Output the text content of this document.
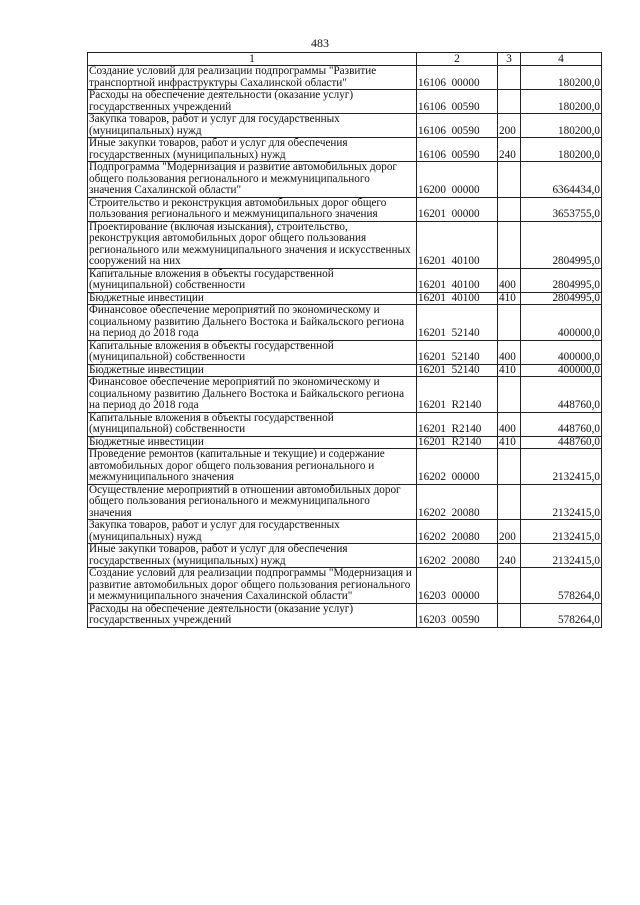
483
1	2	3	4
Создание условий для реализации подпрограммы "Развитие транспортной инфраструктуры Сахалинской области"	16106  00000		180200,0
Расходы на обеспечение деятельности (оказание услуг) государственных учреждений	16106  00590		180200,0
Закупка товаров, работ и услуг для государственных (муниципальных) нужд	16106  00590	200	180200,0
Иные закупки товаров, работ и услуг для обеспечения государственных (муниципальных) нужд	16106  00590	240	180200,0
Подпрограмма "Модернизация и развитие автомобильных дорог общего пользования регионального и межмуниципального значения Сахалинской области"	16200  00000		6364434,0
Строительство и реконструкция автомобильных дорог общего пользования регионального и межмуниципального значения	16201  00000		3653755,0
Проектирование (включая изыскания), строительство, реконструкция автомобильных дорог общего пользования регионального или межмуниципального значения и искусственных сооружений на них	16201  40100		2804995,0
Капитальные вложения в объекты государственной (муниципальной) собственности	16201  40100	400	2804995,0
Бюджетные инвестиции	16201  40100	410	2804995,0
Финансовое обеспечение мероприятий по экономическому и социальному развитию Дальнего Востока и Байкальского региона на период до 2018 года	16201  52140		400000,0
Капитальные вложения в объекты государственной (муниципальной) собственности	16201  52140	400	400000,0
Бюджетные инвестиции	16201  52140	410	400000,0
Финансовое обеспечение мероприятий по экономическому и социальному развитию Дальнего Востока и Байкальского региона на период до 2018 года	16201  R2140		448760,0
Капитальные вложения в объекты государственной (муниципальной) собственности	16201  R2140	400	448760,0
Бюджетные инвестиции	16201  R2140	410	448760,0
Проведение ремонтов (капитальные и текущие) и содержание автомобильных дорог общего пользования регионального и межмуниципального значения	16202  00000		2132415,0
Осуществление мероприятий в отношении автомобильных дорог общего пользования регионального и межмуниципального значения	16202  20080		2132415,0
Закупка товаров, работ и услуг для государственных (муниципальных) нужд	16202  20080	200	2132415,0
Иные закупки товаров, работ и услуг для обеспечения государственных (муниципальных) нужд	16202  20080	240	2132415,0
Создание условий для реализации подпрограммы "Модернизация и развитие автомобильных дорог общего пользования регионального и межмуниципального значения Сахалинской области"	16203  00000		578264,0
Расходы на обеспечение деятельности (оказание услуг) государственных учреждений	16203  00590		578264,0
